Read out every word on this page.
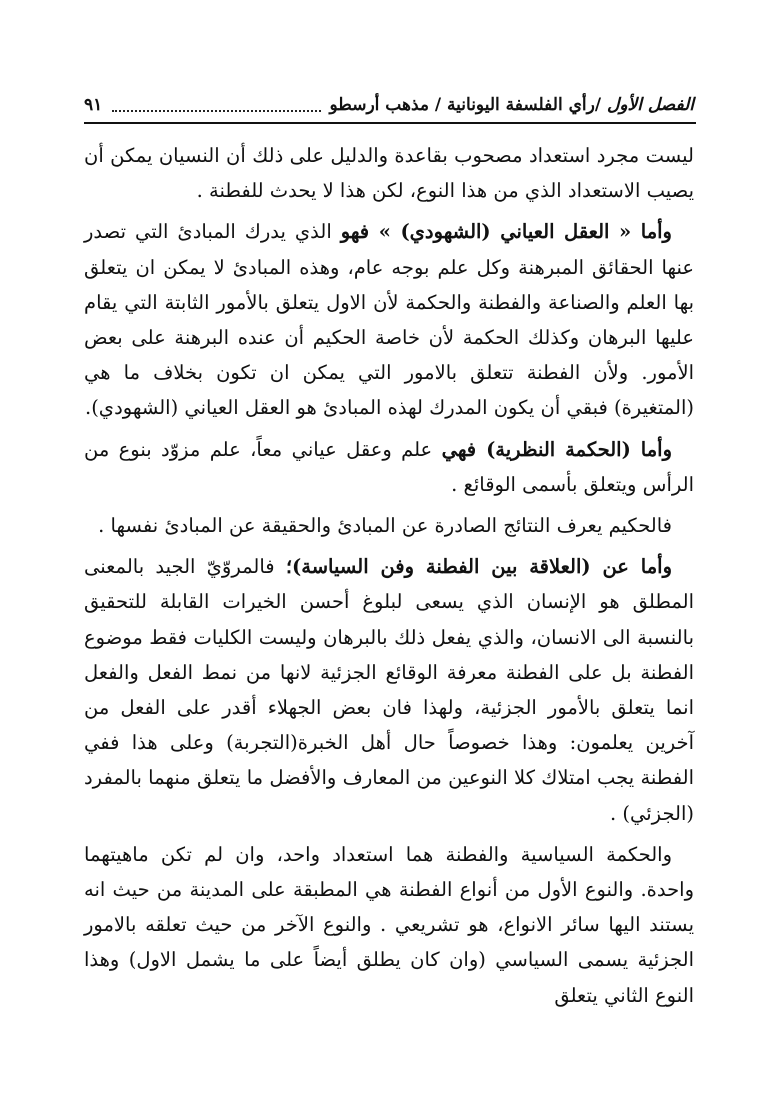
الفصل الأول /رأي الفلسفة اليونانية / مذهب أرسطو
٩١

ليست مجرد استعداد مصحوب بقاعدة والدليل على ذلك أن النسيان يمكن أن يصيب الاستعداد الذي من هذا النوع، لكن هذا لا يحدث للفطنة .

وأما « العقل العياني (الشهودي) » فهو الذي يدرك المبادئ التي تصدر عنها الحقائق المبرهنة وكل علم بوجه عام، وهذه المبادئ لا يمكن ان يتعلق بها العلم والصناعة والفطنة والحكمة لأن الاول يتعلق بالأمور الثابتة التي يقام عليها البرهان وكذلك الحكمة لأن خاصة الحكيم أن عنده البرهنة على بعض الأمور. ولأن الفطنة تتعلق بالامور التي يمكن ان تكون بخلاف ما هي (المتغيرة) فبقي أن يكون المدرك لهذه المبادئ هو العقل العياني (الشهودي).

وأما (الحكمة النظرية) فهي علم وعقل عياني معاً، علم مزوّد بنوع من الرأس ويتعلق بأسمى الوقائع .

فالحكيم يعرف النتائج الصادرة عن المبادئ والحقيقة عن المبادئ نفسها .

وأما عن (العلاقة بين الفطنة وفن السياسة)؛ فالمروّيّ الجيد بالمعنى المطلق هو الإنسان الذي يسعى لبلوغ أحسن الخيرات القابلة للتحقيق بالنسبة الى الانسان، والذي يفعل ذلك بالبرهان وليست الكليات فقط موضوع الفطنة بل على الفطنة معرفة الوقائع الجزئية لانها من نمط الفعل والفعل انما يتعلق بالأمور الجزئية، ولهذا فان بعض الجهلاء أقدر على الفعل من آخرين يعلمون: وهذا خصوصاً حال أهل الخبرة(التجربة) وعلى هذا ففي الفطنة يجب امتلاك كلا النوعين من المعارف والأفضل ما يتعلق منهما بالمفرد (الجزئي) .

والحكمة السياسية والفطنة هما استعداد واحد، وان لم تكن ماهيتهما واحدة. والنوع الأول من أنواع الفطنة هي المطبقة على المدينة من حيث انه يستند اليها سائر الانواع، هو تشريعي . والنوع الآخر من حيث تعلقه بالامور الجزئية يسمى السياسي (وان كان يطلق أيضاً على ما يشمل الاول) وهذا النوع الثاني يتعلق
